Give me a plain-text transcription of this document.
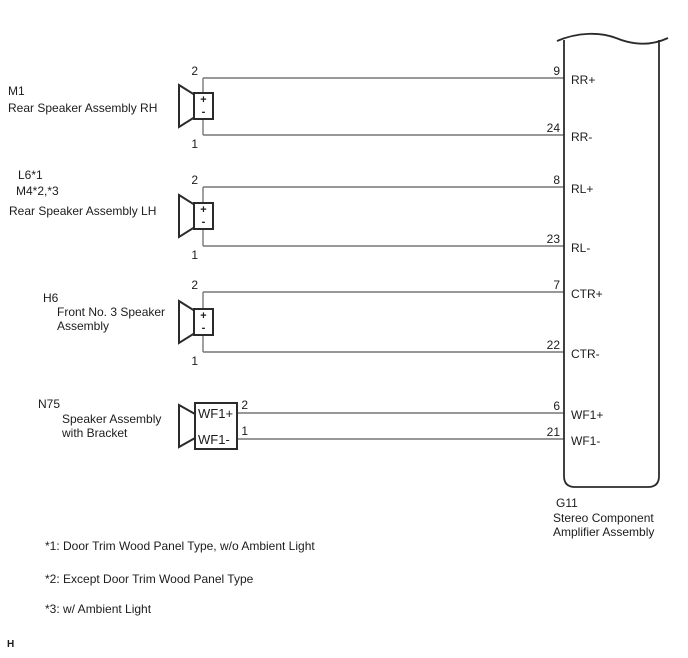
M1
Rear Speaker Assembly RH
2
1
+
-
L6*1
M4*2,*3
Rear Speaker Assembly LH
2
1
+
-
H6
Front No. 3 Speaker
Assembly
2
1
+
-
N75
Speaker Assembly
with Bracket
WF1+
WF1-
2
1
9
24
8
23
7
22
6
21
RR+
RR-
RL+
RL-
CTR+
CTR-
WF1+
WF1-
G11
Stereo Component
Amplifier Assembly
*1: Door Trim Wood Panel Type, w/o Ambient Light
*2: Except Door Trim Wood Panel Type
*3: w/ Ambient Light
H
